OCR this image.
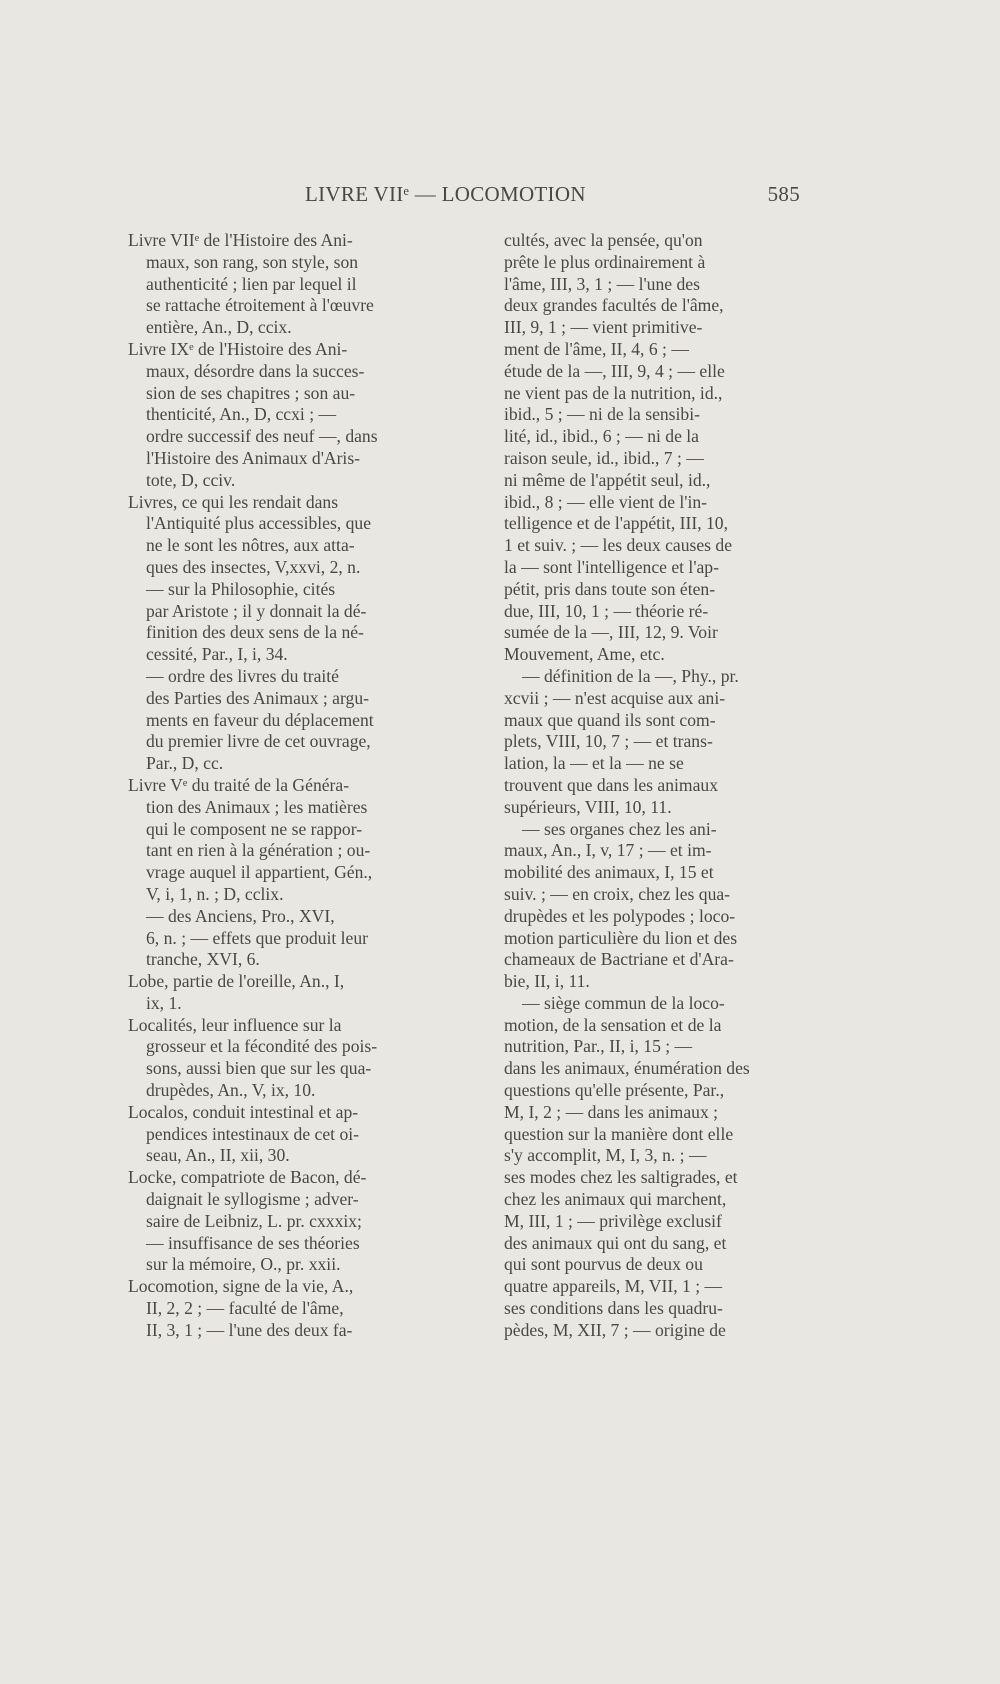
LIVRE VIIᵉ — LOCOMOTION	585
Livre VIIᵉ de l'Histoire des Ani-
maux, son rang, son style, son
authenticité ; lien par lequel il
se rattache étroitement à l'œuvre
entière, An., D, ccix.
Livre IXᵉ de l'Histoire des Ani-
maux, désordre dans la succes-
sion de ses chapitres ; son au-
thenticité, An., D, ccxi ; —
ordre successif des neuf —, dans
l'Histoire des Animaux d'Aris-
tote, D, cciv.
Livres, ce qui les rendait dans
l'Antiquité plus accessibles, que
ne le sont les nôtres, aux atta-
ques des insectes, V,xxvi, 2, n.
— sur la Philosophie, cités
par Aristote ; il y donnait la dé-
finition des deux sens de la né-
cessité, Par., I, i, 34.
— ordre des livres du traité
des Parties des Animaux ; argu-
ments en faveur du déplacement
du premier livre de cet ouvrage,
Par., D, cc.
Livre Vᵉ du traité de la Généra-
tion des Animaux ; les matières
qui le composent ne se rappor-
tant en rien à la génération ; ou-
vrage auquel il appartient, Gén.,
V, i, 1, n. ; D, cclix.
— des Anciens, Pro., XVI,
6, n. ; — effets que produit leur
tranche, XVI, 6.
Lobe, partie de l'oreille, An., I,
ix, 1.
Localités, leur influence sur la
grosseur et la fécondité des pois-
sons, aussi bien que sur les qua-
drupèdes, An., V, ix, 10.
Localos, conduit intestinal et ap-
pendices intestinaux de cet oi-
seau, An., II, xii, 30.
Locke, compatriote de Bacon, dé-
daignait le syllogisme ; adver-
saire de Leibniz, L. pr. cxxxix;
— insuffisance de ses théories
sur la mémoire, O., pr. xxii.
Locomotion, signe de la vie, A.,
II, 2, 2 ; — faculté de l'âme,
II, 3, 1 ; — l'une des deux fa-
cultés, avec la pensée, qu'on
prête le plus ordinairement à
l'âme, III, 3, 1 ; — l'une des
deux grandes facultés de l'âme,
III, 9, 1 ; — vient primitive-
ment de l'âme, II, 4, 6 ; —
étude de la —, III, 9, 4 ; — elle
ne vient pas de la nutrition, id.,
ibid., 5 ; — ni de la sensibi-
lité, id., ibid., 6 ; — ni de la
raison seule, id., ibid., 7 ; —
ni même de l'appétit seul, id.,
ibid., 8 ; — elle vient de l'in-
telligence et de l'appétit, III, 10,
1 et suiv. ; — les deux causes de
la — sont l'intelligence et l'ap-
pétit, pris dans toute son éten-
due, III, 10, 1 ; — théorie ré-
sumée de la —, III, 12, 9. Voir
Mouvement, Ame, etc.
— définition de la —, Phy., pr.
xcvii ; — n'est acquise aux ani-
maux que quand ils sont com-
plets, VIII, 10, 7 ; — et trans-
lation, la — et la — ne se
trouvent que dans les animaux
supérieurs, VIII, 10, 11.
— ses organes chez les ani-
maux, An., I, v, 17 ; — et im-
mobilité des animaux, I, 15 et
suiv. ; — en croix, chez les qua-
drupèdes et les polypodes ; loco-
motion particulière du lion et des
chameaux de Bactriane et d'Ara-
bie, II, i, 11.
— siège commun de la loco-
motion, de la sensation et de la
nutrition, Par., II, i, 15 ; —
dans les animaux, énumération des
questions qu'elle présente, Par.,
M, I, 2 ; — dans les animaux ;
question sur la manière dont elle
s'y accomplit, M, I, 3, n. ; —
ses modes chez les saltigrades, et
chez les animaux qui marchent,
M, III, 1 ; — privilège exclusif
des animaux qui ont du sang, et
qui sont pourvus de deux ou
quatre appareils, M, VII, 1 ; —
ses conditions dans les quadru-
pèdes, M, XII, 7 ; — origine de
